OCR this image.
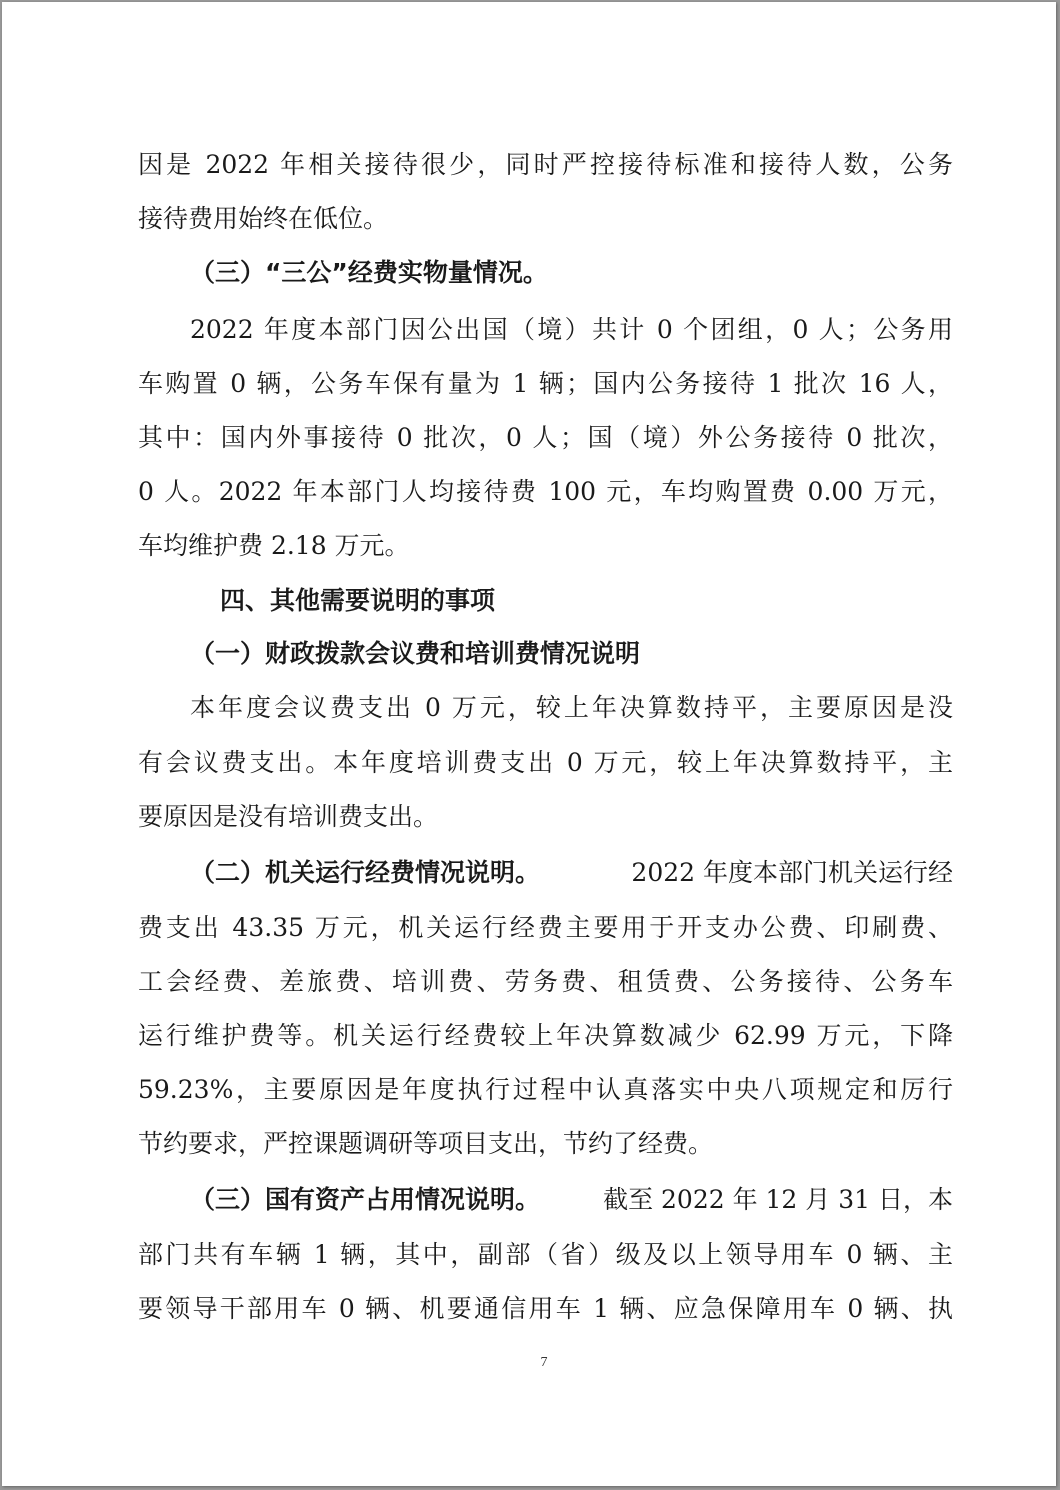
因是 2022 年相关接待很少，同时严控接待标准和接待人数，公务

接待费用始终在低位。

（三）“三公”经费实物量情况。

2022 年度本部门因公出国（境）共计 0 个团组，0 人；公务用

车购置 0 辆，公务车保有量为 1 辆；国内公务接待 1 批次 16 人，

其中：国内外事接待 0 批次，0 人；国（境）外公务接待 0 批次，

0 人。2022 年本部门人均接待费 100 元，车均购置费 0.00 万元，

车均维护费 2.18 万元。

四、其他需要说明的事项

（一）财政拨款会议费和培训费情况说明

本年度会议费支出 0 万元，较上年决算数持平，主要原因是没

有会议费支出。本年度培训费支出 0 万元，较上年决算数持平，主

要原因是没有培训费支出。

（二）机关运行经费情况说明。	2022 年度本部门机关运行经

费支出 43.35 万元，机关运行经费主要用于开支办公费、印刷费、

工会经费、差旅费、培训费、劳务费、租赁费、公务接待、公务车

运行维护费等。机关运行经费较上年决算数减少 62.99 万元，下降

59.23%，主要原因是年度执行过程中认真落实中央八项规定和厉行

节约要求，严控课题调研等项目支出，节约了经费。

（三）国有资产占用情况说明。	截至 2022 年 12 月 31 日，本

部门共有车辆 1 辆，其中，副部（省）级及以上领导用车 0 辆、主

要领导干部用车 0 辆、机要通信用车 1 辆、应急保障用车 0 辆、执

7
